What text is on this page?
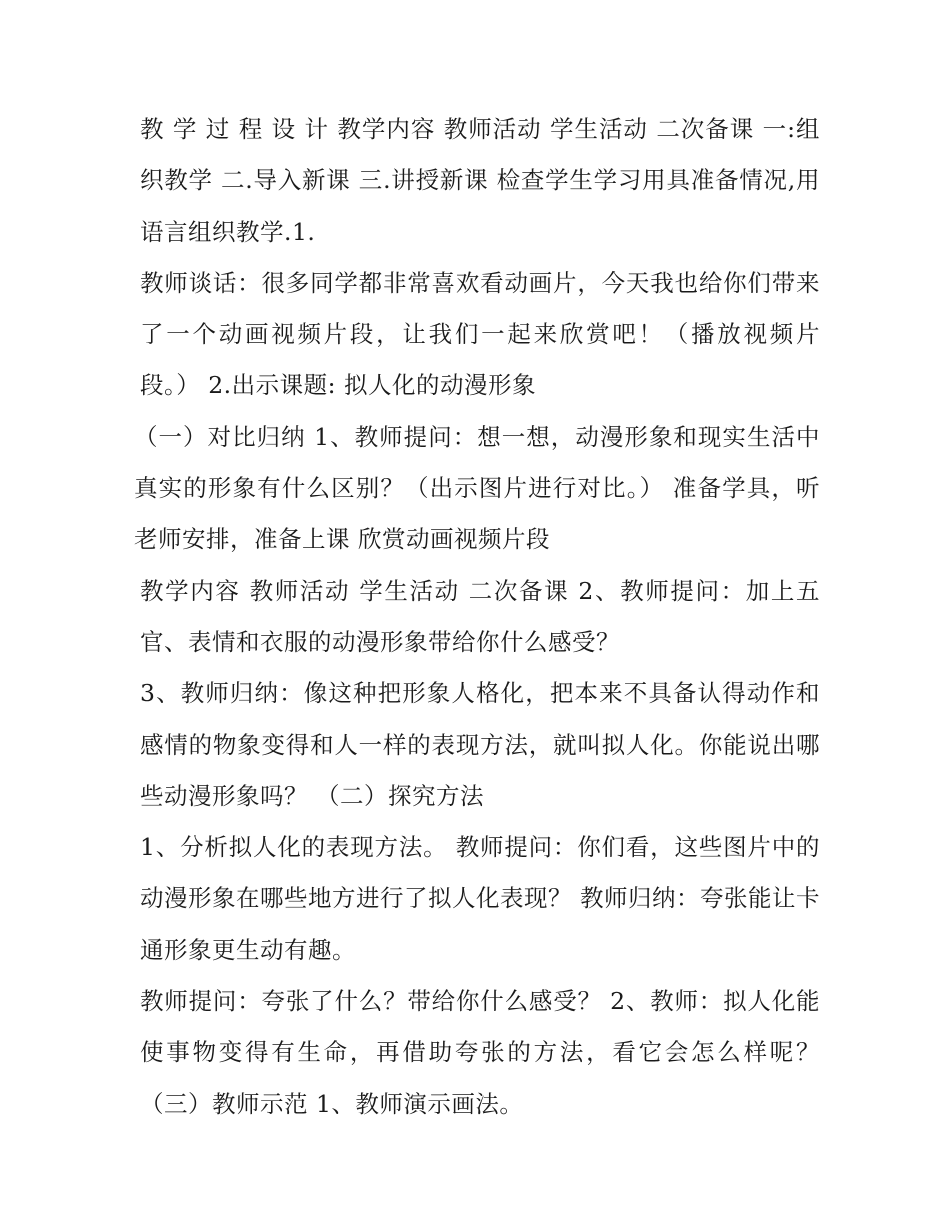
教 学 过 程 设 计 教学内容 教师活动 学生活动 二次备课 一:组织教学 二.导入新课 三.讲授新课 检查学生学习用具准备情况,用语言组织教学.1.

教师谈话：很多同学都非常喜欢看动画片，今天我也给你们带来了一个动画视频片段，让我们一起来欣赏吧！（播放视频片段。） 2.出示课题: 拟人化的动漫形象

（一）对比归纳 1、教师提问：想一想，动漫形象和现实生活中真实的形象有什么区别？（出示图片进行对比。） 准备学具，听老师安排，准备上课 欣赏动画视频片段

教学内容 教师活动 学生活动 二次备课 2、教师提问：加上五官、表情和衣服的动漫形象带给你什么感受？

3、教师归纳：像这种把形象人格化，把本来不具备认得动作和感情的物象变得和人一样的表现方法，就叫拟人化。你能说出哪些动漫形象吗？ （二）探究方法

1、分析拟人化的表现方法。 教师提问：你们看，这些图片中的动漫形象在哪些地方进行了拟人化表现？ 教师归纳：夸张能让卡通形象更生动有趣。

教师提问：夸张了什么？带给你什么感受？ 2、教师：拟人化能使事物变得有生命，再借助夸张的方法，看它会怎么样呢？（三）教师示范 1、教师演示画法。
